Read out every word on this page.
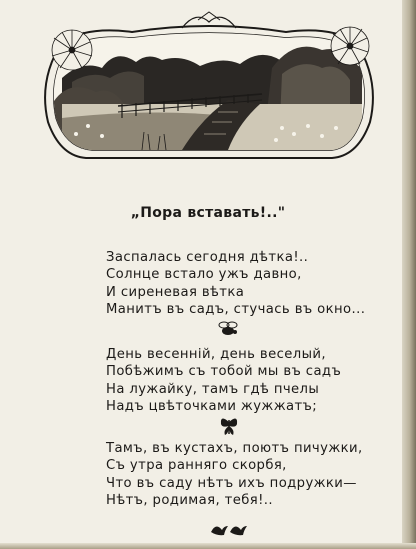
„Пора вставать!.."
Заспалась сегодня дѣтка!..
Солнце встало ужъ давно,
И сиреневая вѣтка
Манитъ въ садъ, стучась въ окно...
День весенній, день веселый,
Побѣжимъ съ тобой мы въ садъ
На лужайку, тамъ гдѣ пчелы
Надъ цвѣточками жужжатъ;
Тамъ, въ кустахъ, поютъ пичужки,
Съ утра ранняго скорбя,
Что въ саду нѣтъ ихъ подружки—
Нѣтъ, родимая, тебя!..
